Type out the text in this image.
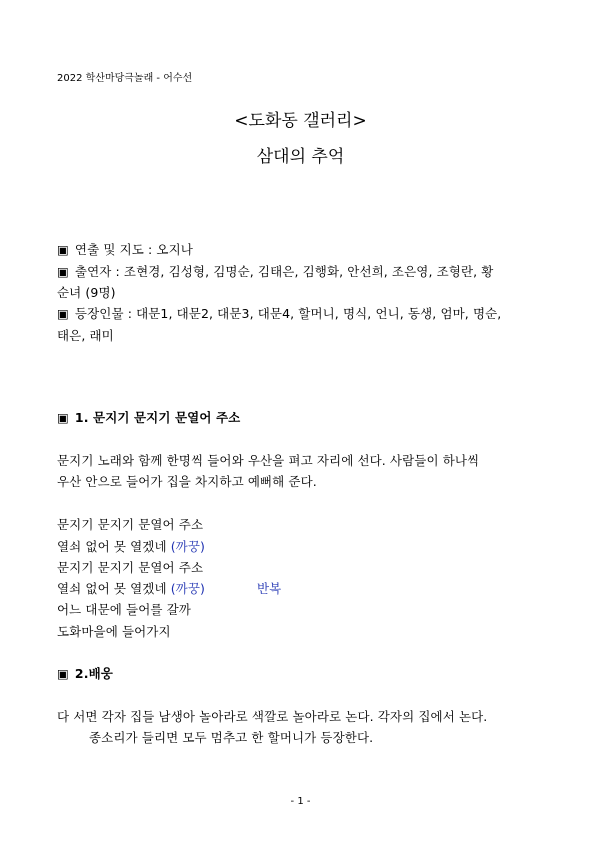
2022 학산마당극놀래 - 어수선
<도화동 갤러리>
삼대의 추억
▣ 연출 및 지도 : 오지나
▣ 출연자 : 조현경, 김성형, 김명순, 김태은, 김행화, 안선희, 조은영, 조형란, 황
순녀 (9명)
▣ 등장인물 : 대문1, 대문2, 대문3, 대문4, 할머니, 명식, 언니, 동생, 엄마, 명순,
태은, 래미
▣ 1. 문지기 문지기 문열어 주소
문지기 노래와 함께 한명씩 들어와 우산을 펴고 자리에 선다. 사람들이 하나씩
우산 안으로 들어가 집을 차지하고 예뻐해 준다.
문지기 문지기 문열어 주소
열쇠 없어 못 열겠네 (까꿍)
문지기 문지기 문열어 주소
열쇠 없어 못 열겠네 (까꿍)	반복
어느 대문에 들어를 갈까
도화마을에 들어가지
▣ 2.배웅
다 서면 각자 집들 남생아 놀아라로 색깔로 놀아라로 논다. 각자의 집에서 논다.
종소리가 들리면 모두 멈추고 한 할머니가 등장한다.
- 1 -
